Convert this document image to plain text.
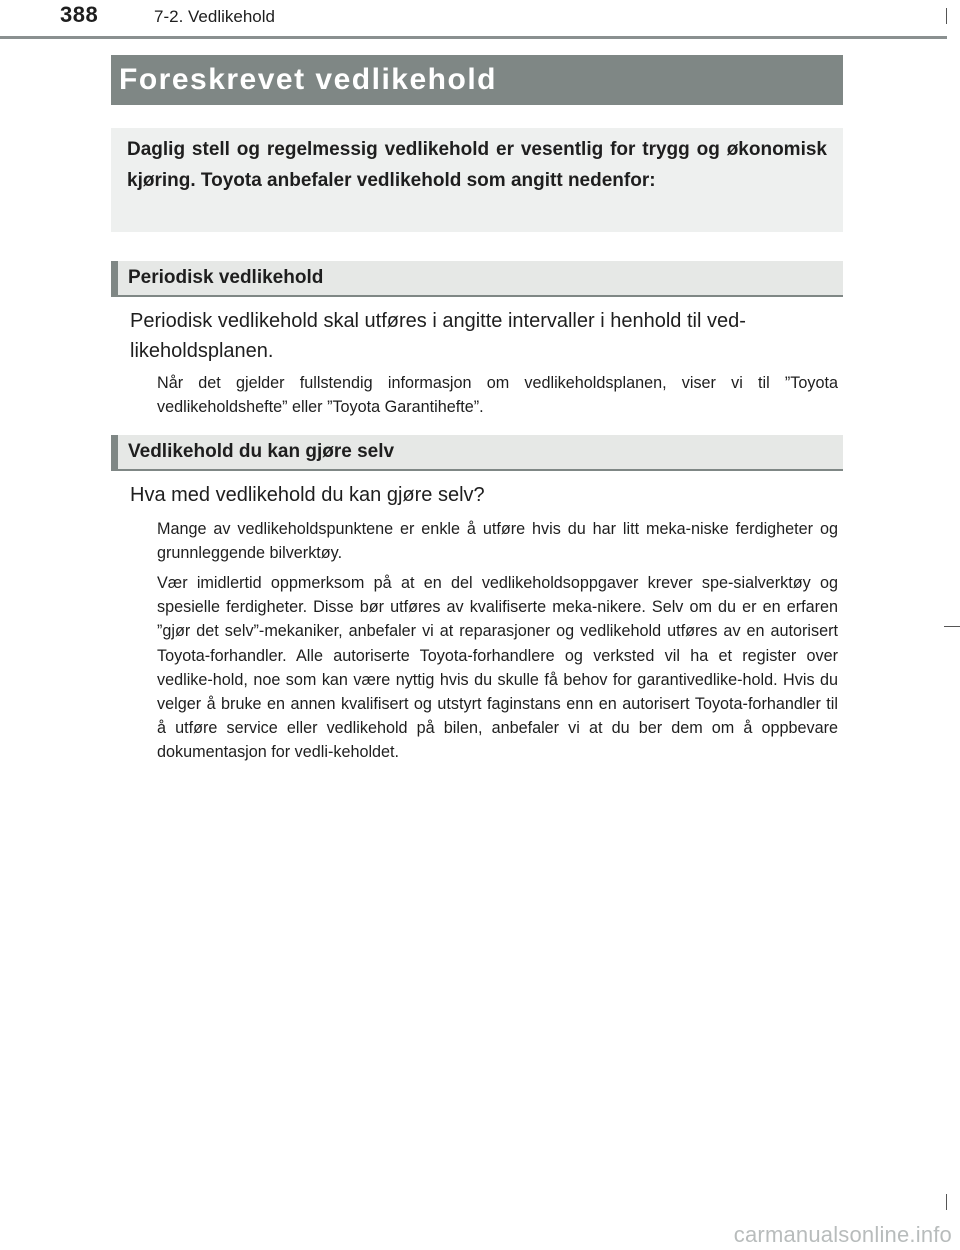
388	7-2. Vedlikehold
Foreskrevet vedlikehold
Daglig stell og regelmessig vedlikehold er vesentlig for trygg og økonomisk kjøring. Toyota anbefaler vedlikehold som angitt nedenfor:
Periodisk vedlikehold
Periodisk vedlikehold skal utføres i angitte intervaller i henhold til ved-likeholdsplanen.
Når det gjelder fullstendig informasjon om vedlikeholdsplanen, viser vi til ”Toyota vedlikeholdshefte” eller ”Toyota Garantihefte”.
Vedlikehold du kan gjøre selv
Hva med vedlikehold du kan gjøre selv?
Mange av vedlikeholdspunktene er enkle å utføre hvis du har litt meka-niske ferdigheter og grunnleggende bilverktøy.
Vær imidlertid oppmerksom på at en del vedlikeholdsoppgaver krever spe-sialverktøy og spesielle ferdigheter. Disse bør utføres av kvalifiserte meka-nikere. Selv om du er en erfaren ”gjør det selv”-mekaniker, anbefaler vi at reparasjoner og vedlikehold utføres av en autorisert Toyota-forhandler. Alle autoriserte Toyota-forhandlere og verksted vil ha et register over vedlike-hold, noe som kan være nyttig hvis du skulle få behov for garantivedlike-hold. Hvis du velger å bruke en annen kvalifisert og utstyrt faginstans enn en autorisert Toyota-forhandler til å utføre service eller vedlikehold på bilen, anbefaler vi at du ber dem om å oppbevare dokumentasjon for vedli-keholdet.
carmanualsonline.info
